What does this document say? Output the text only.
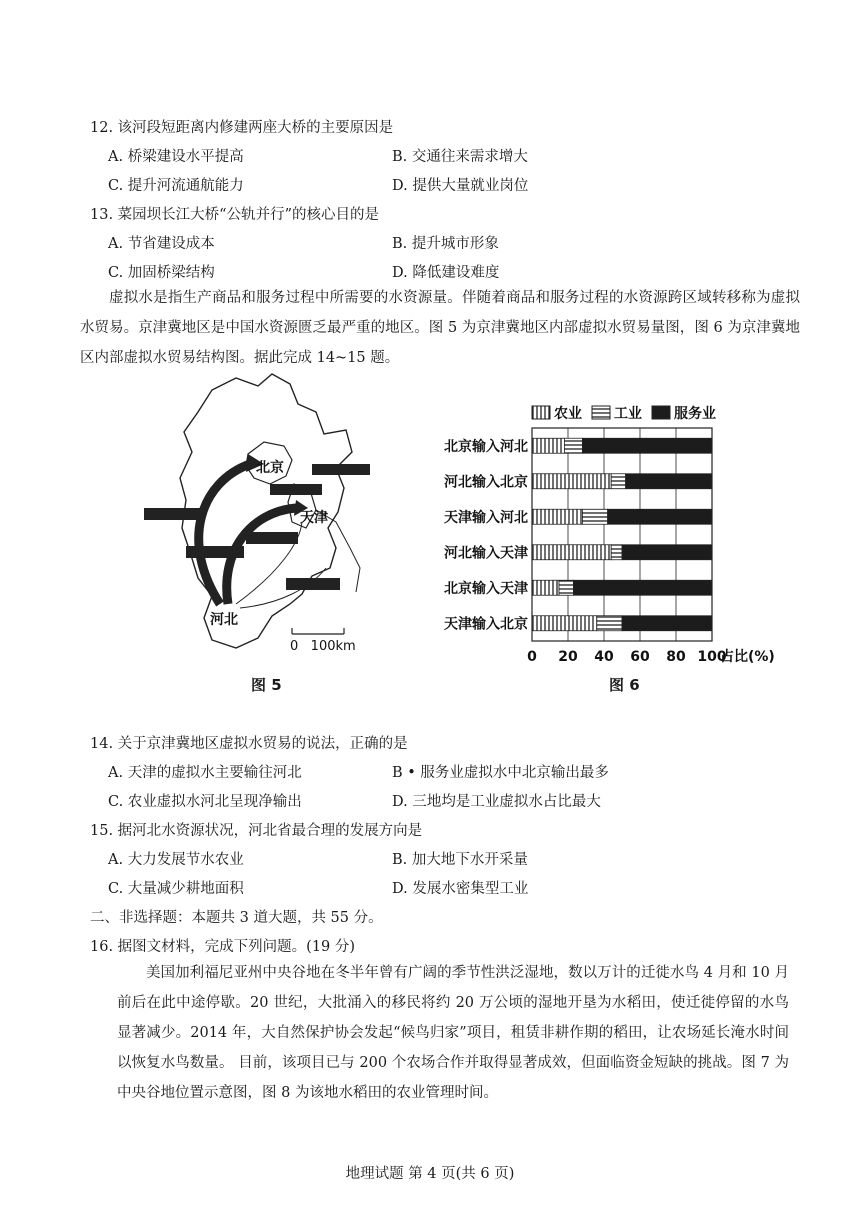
12. 该河段短距离内修建两座大桥的主要原因是
A. 桥梁建设水平提高	B. 交通往来需求增大
C. 提升河流通航能力	D. 提供大量就业岗位
13. 菜园坝长江大桥“公轨并行”的核心目的是
A. 节省建设成本	B. 提升城市形象
C. 加固桥梁结构	D. 降低建设难度
虚拟水是指生产商品和服务过程中所需要的水资源量。伴随着商品和服务过程的水资源跨区域转移称为虚拟水贸易。京津冀地区是中国水资源匮乏最严重的地区。图 5 为京津冀地区内部虚拟水贸易量图，图 6 为京津冀地区内部虚拟水贸易结构图。据此完成 14~15 题。
北京
天津
河北
0   100km
图 5
农业 工业 服务业
0 20 40 60 80 100
占比(%)
北京输入河北
河北输入北京
天津输入河北
河北输入天津
北京输入天津
天津输入北京
图 6
14. 关于京津冀地区虚拟水贸易的说法，正确的是
A. 天津的虚拟水主要输往河北	B • 服务业虚拟水中北京输出最多
C. 农业虚拟水河北呈现净输出	D. 三地均是工业虚拟水占比最大
15. 据河北水资源状况，河北省最合理的发展方向是
A. 大力发展节水农业	B. 加大地下水开采量
C. 大量减少耕地面积	D. 发展水密集型工业
二、非选择题：本题共 3 道大题，共 55 分。
16. 据图文材料，完成下列问题。(19 分)
美国加利福尼亚州中央谷地在冬半年曾有广阔的季节性洪泛湿地，数以万计的迁徙水鸟 4 月和 10 月前后在此中途停歇。20 世纪，大批涌入的移民将约 20 万公顷的湿地开垦为水稻田，使迁徙停留的水鸟显著减少。2014 年，大自然保护协会发起“候鸟归家”项目，租赁非耕作期的稻田，让农场延长淹水时间以恢复水鸟数量。 目前，该项目已与 200 个农场合作并取得显著成效，但面临资金短缺的挑战。图 7 为中央谷地位置示意图，图 8 为该地水稻田的农业管理时间。
地理试题 第 4 页(共 6 页)
